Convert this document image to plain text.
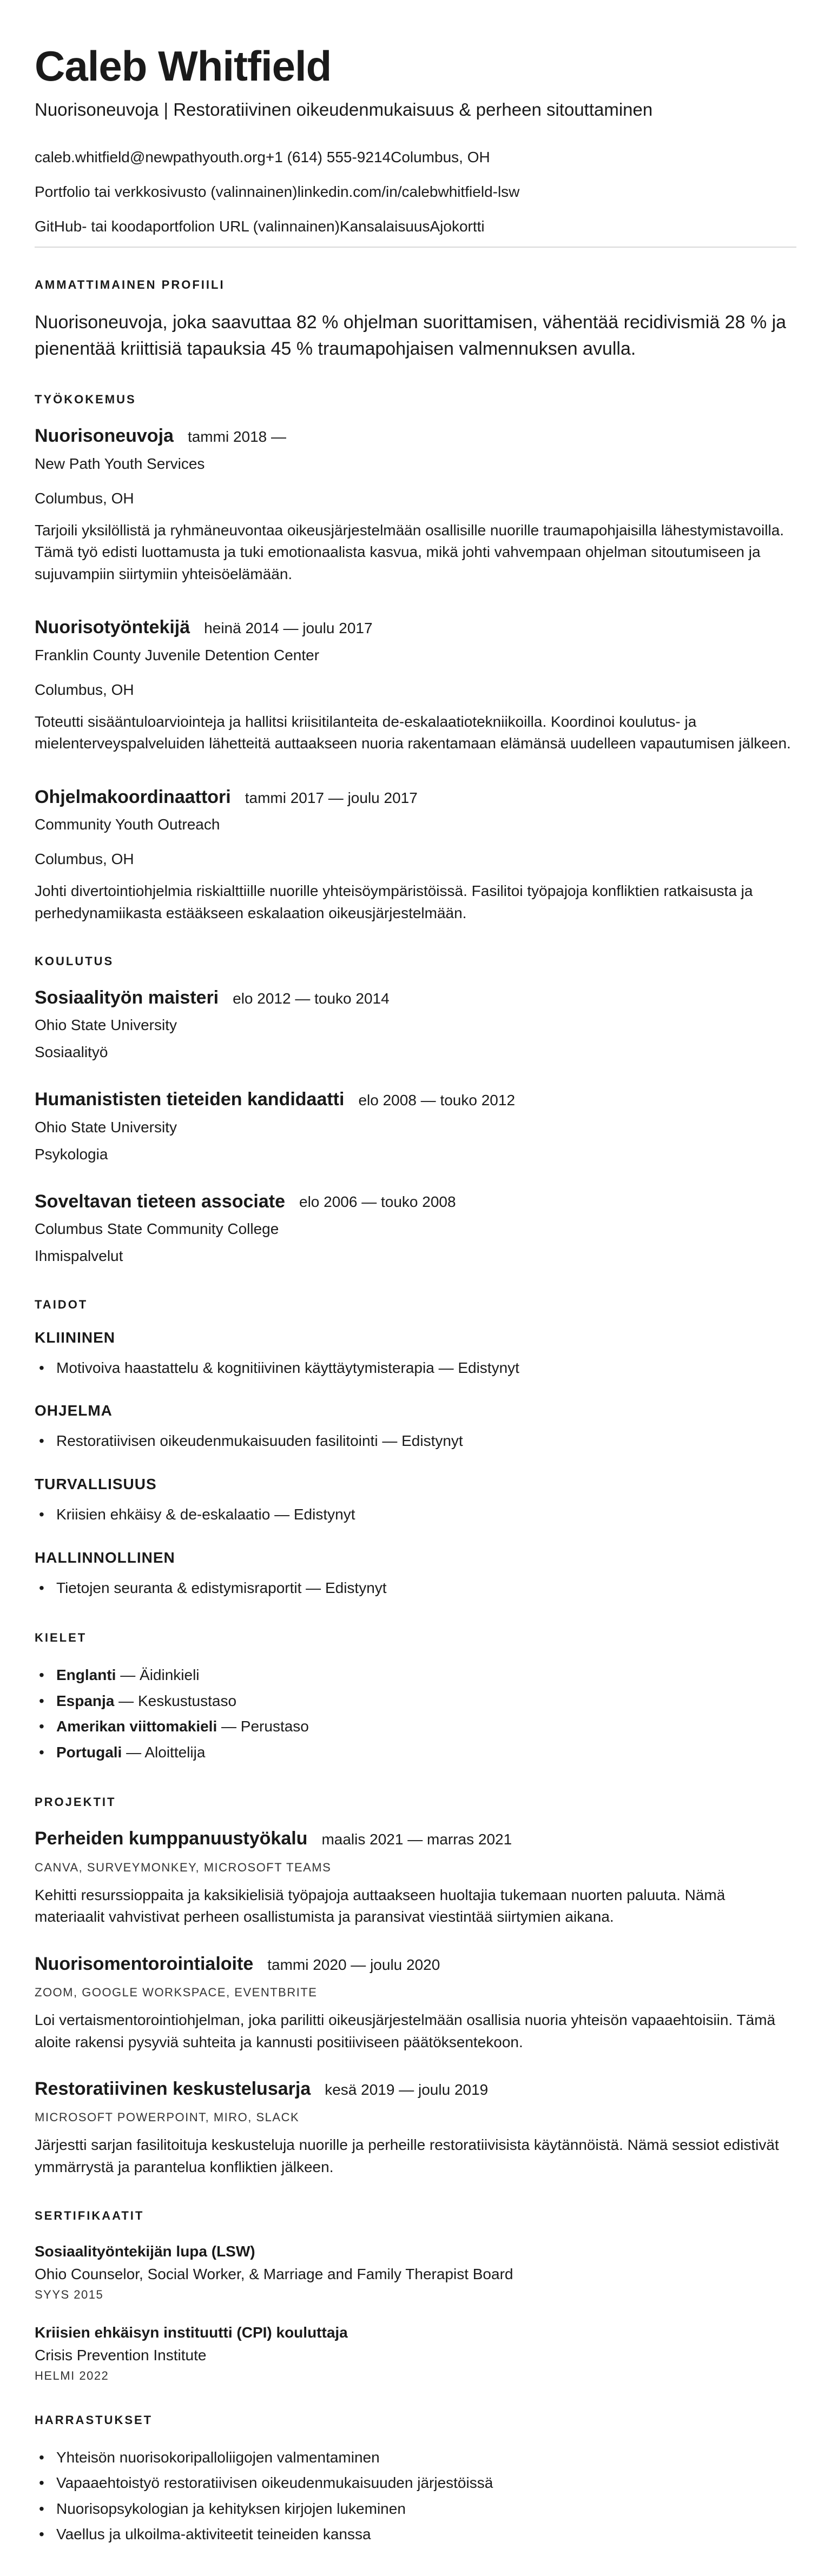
Caleb Whitfield
Nuorisoneuvoja | Restoratiivinen oikeudenmukaisuus & perheen sitouttaminen
caleb.whitfield@newpathyouth.org +1 (614) 555-9214 Columbus, OH
Portfolio tai verkkosivusto (valinnainen) linkedin.com/in/calebwhitfield-lsw
GitHub- tai koodaportfolion URL (valinnainen) Kansalaisuus Ajokortti
AMMATTIMAINEN PROFIILI

Nuorisoneuvoja, joka saavuttaa 82 % ohjelman suorittamisen, vähentää recidivismiä 28 % ja pienentää kriittisiä tapauksia 45 % traumapohjaisen valmennuksen avulla.

TYÖKOKEMUS
Nuorisoneuvoja tammi 2018 —
New Path Youth Services
Columbus, OH

Tarjoili yksilöllistä ja ryhmäneuvontaa oikeusjärjestelmään osallisille nuorille traumapohjaisilla lähestymistavoilla. Tämä työ edisti luottamusta ja tuki emotionaalista kasvua, mikä johti vahvempaan ohjelman sitoutumiseen ja sujuvampiin siirtymiin yhteisöelämään.

Nuorisotyöntekijä heinä 2014 — joulu 2017
Franklin County Juvenile Detention Center
Columbus, OH

Toteutti sisääntuloarviointeja ja hallitsi kriisitilanteita de-eskalaatiotekniikoilla. Koordinoi koulutus- ja mielenterveyspalveluiden lähetteitä auttaakseen nuoria rakentamaan elämänsä uudelleen vapautumisen jälkeen.

Ohjelmakoordinaattori tammi 2017 — joulu 2017
Community Youth Outreach
Columbus, OH

Johti divertointiohjelmia riskialttiille nuorille yhteisöympäristöissä. Fasilitoi työpajoja konfliktien ratkaisusta ja perhedynamiikasta estääkseen eskalaation oikeusjärjestelmään.

KOULUTUS
Sosiaalityön maisteri elo 2012 — touko 2014
Ohio State University
Sosiaalityö
Humanististen tieteiden kandidaatti elo 2008 — touko 2012
Ohio State University
Psykologia
Soveltavan tieteen associate elo 2006 — touko 2008
Columbus State Community College
Ihmispalvelut
TAIDOT
KLIININEN
• Motivoiva haastattelu & kognitiivinen käyttäytymisterapia — Edistynyt
OHJELMA
• Restoratiivisen oikeudenmukaisuuden fasilitointi — Edistynyt
TURVALLISUUS
• Kriisien ehkäisy & de-eskalaatio — Edistynyt
HALLINNOLLINEN
• Tietojen seuranta & edistymisraportit — Edistynyt
KIELET
• Englanti — Äidinkieli
• Espanja — Keskustustaso
• Amerikan viittomakieli — Perustaso
• Portugali — Aloittelija
PROJEKTIT
Perheiden kumppanuustyökalu maalis 2021 — marras 2021
CANVA, SURVEYMONKEY, MICROSOFT TEAMS

Kehitti resurssioppaita ja kaksikielisiä työpajoja auttaakseen huoltajia tukemaan nuorten paluuta. Nämä materiaalit vahvistivat perheen osallistumista ja paransivat viestintää siirtymien aikana.

Nuorisomentorointialoite tammi 2020 — joulu 2020
ZOOM, GOOGLE WORKSPACE, EVENTBRITE

Loi vertaismentorointiohjelman, joka parilitti oikeusjärjestelmään osallisia nuoria yhteisön vapaaehtoisiin. Tämä aloite rakensi pysyviä suhteita ja kannusti positiiviseen päätöksentekoon.

Restoratiivinen keskustelusarja kesä 2019 — joulu 2019
MICROSOFT POWERPOINT, MIRO, SLACK

Järjestti sarjan fasilitoituja keskusteluja nuorille ja perheille restoratiivisista käytännöistä. Nämä sessiot edistivät ymmärrystä ja parantelua konfliktien jälkeen.

SERTIFIKAATIT
Sosiaalityöntekijän lupa (LSW)
Ohio Counselor, Social Worker, & Marriage and Family Therapist Board
SYYS 2015
Kriisien ehkäisyn instituutti (CPI) kouluttaja
Crisis Prevention Institute
HELMI 2022
HARRASTUKSET
• Yhteisön nuorisokoripalloliigojen valmentaminen
• Vapaaehtoistyö restoratiivisen oikeudenmukaisuuden järjestöissä
• Nuorisopsykologian ja kehityksen kirjojen lukeminen
• Vaellus ja ulkoilma-aktiviteetit teineiden kanssa
